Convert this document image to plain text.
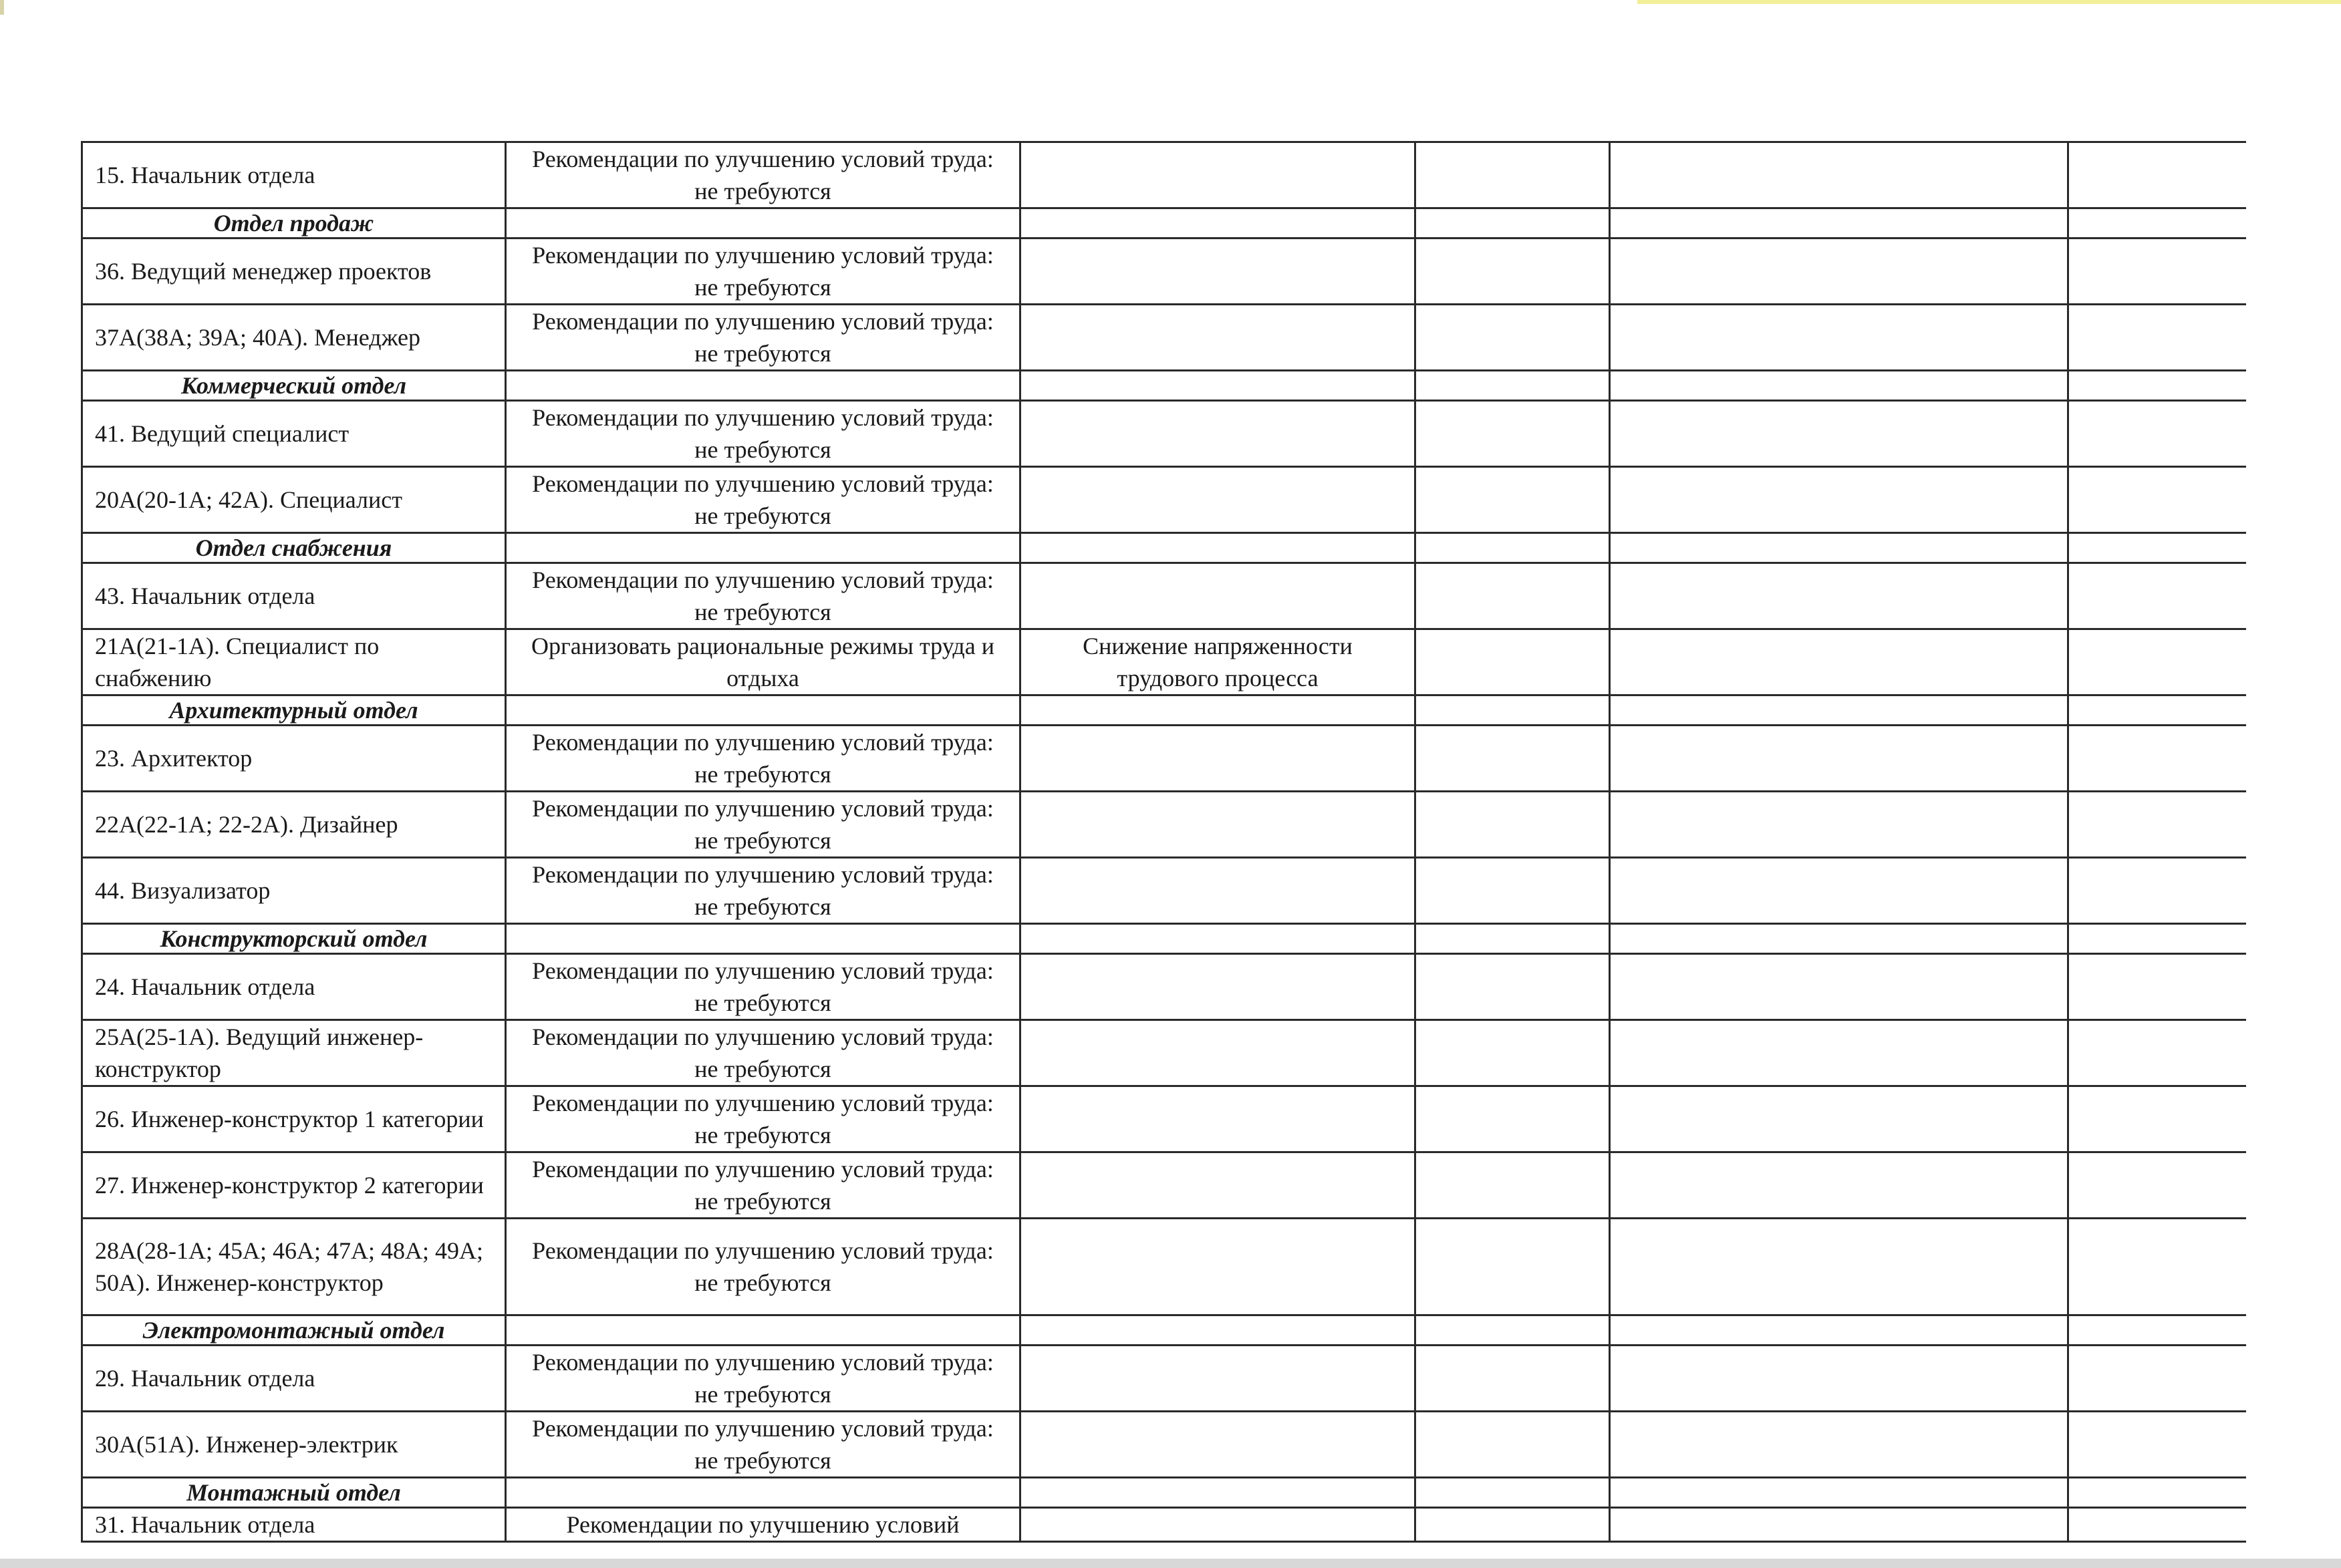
15. Начальник отдела	Рекомендации по улучшению условий труда: не требуются				
Отдел продаж					
36. Ведущий менеджер проектов	Рекомендации по улучшению условий труда: не требуются				
37А(38А; 39А; 40А). Менеджер	Рекомендации по улучшению условий труда: не требуются				
Коммерческий отдел					
41. Ведущий специалист	Рекомендации по улучшению условий труда: не требуются				
20А(20-1А; 42А). Специалист	Рекомендации по улучшению условий труда: не требуются				
Отдел снабжения					
43. Начальник отдела	Рекомендации по улучшению условий труда: не требуются				
21А(21-1А). Специалист по снабжению	Организовать рациональные режимы труда и отдыха	Снижение напряженности трудового процесса			
Архитектурный отдел					
23. Архитектор	Рекомендации по улучшению условий труда: не требуются				
22А(22-1А; 22-2А). Дизайнер	Рекомендации по улучшению условий труда: не требуются				
44. Визуализатор	Рекомендации по улучшению условий труда: не требуются				
Конструкторский отдел					
24. Начальник отдела	Рекомендации по улучшению условий труда: не требуются				
25А(25-1А). Ведущий инженер-конструктор	Рекомендации по улучшению условий труда: не требуются				
26. Инженер-конструктор 1 категории	Рекомендации по улучшению условий труда: не требуются				
27. Инженер-конструктор 2 категории	Рекомендации по улучшению условий труда: не требуются				
28А(28-1А; 45А; 46А; 47А; 48А; 49А; 50А). Инженер-конструктор	Рекомендации по улучшению условий труда: не требуются				
Электромонтажный отдел					
29. Начальник отдела	Рекомендации по улучшению условий труда: не требуются				
30А(51А). Инженер-электрик	Рекомендации по улучшению условий труда: не требуются				
Монтажный отдел					
31. Начальник отдела	Рекомендации по улучшению условий				
